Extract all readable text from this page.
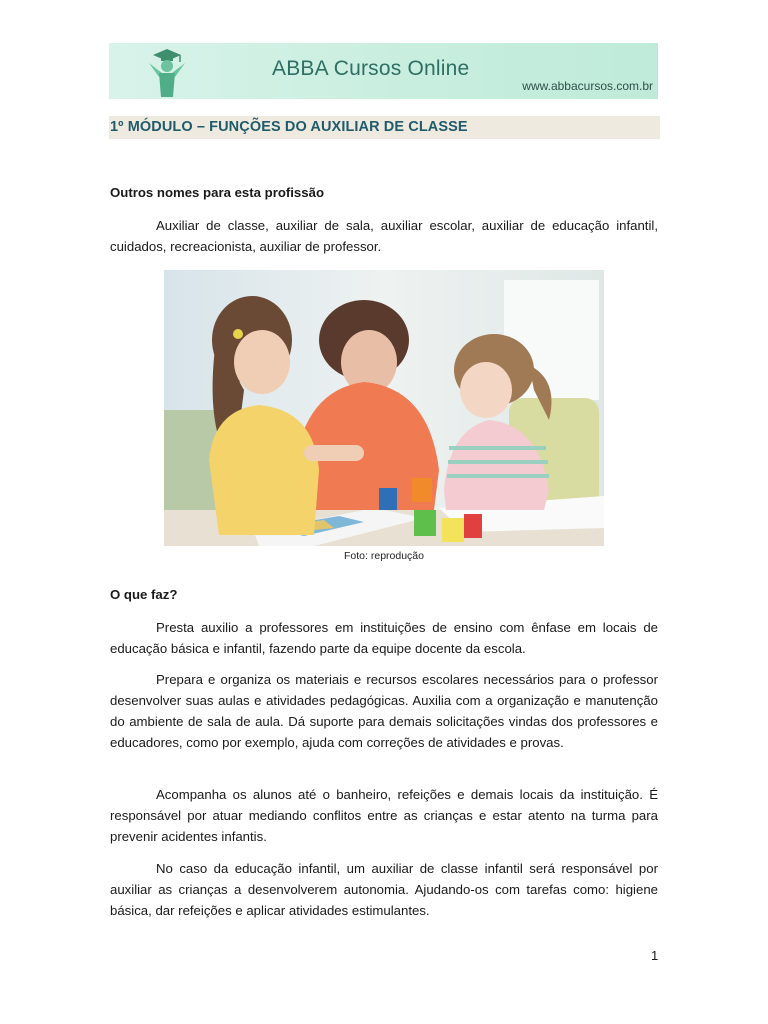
ABBA Cursos Online
www.abbacursos.com.br
1º MÓDULO – FUNÇÕES DO AUXILIAR DE CLASSE
Outros nomes para esta profissão
Auxiliar de classe, auxiliar de sala, auxiliar escolar, auxiliar de educação infantil, cuidados, recreacionista, auxiliar de professor.
Foto: reprodução
O que faz?
Presta auxilio a professores em instituições de ensino com ênfase em locais de educação básica e infantil, fazendo parte da equipe docente da escola.
Prepara e organiza os materiais e recursos escolares necessários para o professor desenvolver suas aulas e atividades pedagógicas. Auxilia com a organização e manutenção do ambiente de sala de aula. Dá suporte para demais solicitações vindas dos professores e educadores, como por exemplo, ajuda com correções de atividades e provas.
Acompanha os alunos até o banheiro, refeições e demais locais da instituição. É responsável por atuar mediando conflitos entre as crianças e estar atento na turma para prevenir acidentes infantis.
No caso da educação infantil, um auxiliar de classe infantil será responsável por auxiliar as crianças a desenvolverem autonomia. Ajudando-os com tarefas como: higiene básica, dar refeições e aplicar atividades estimulantes.
1
